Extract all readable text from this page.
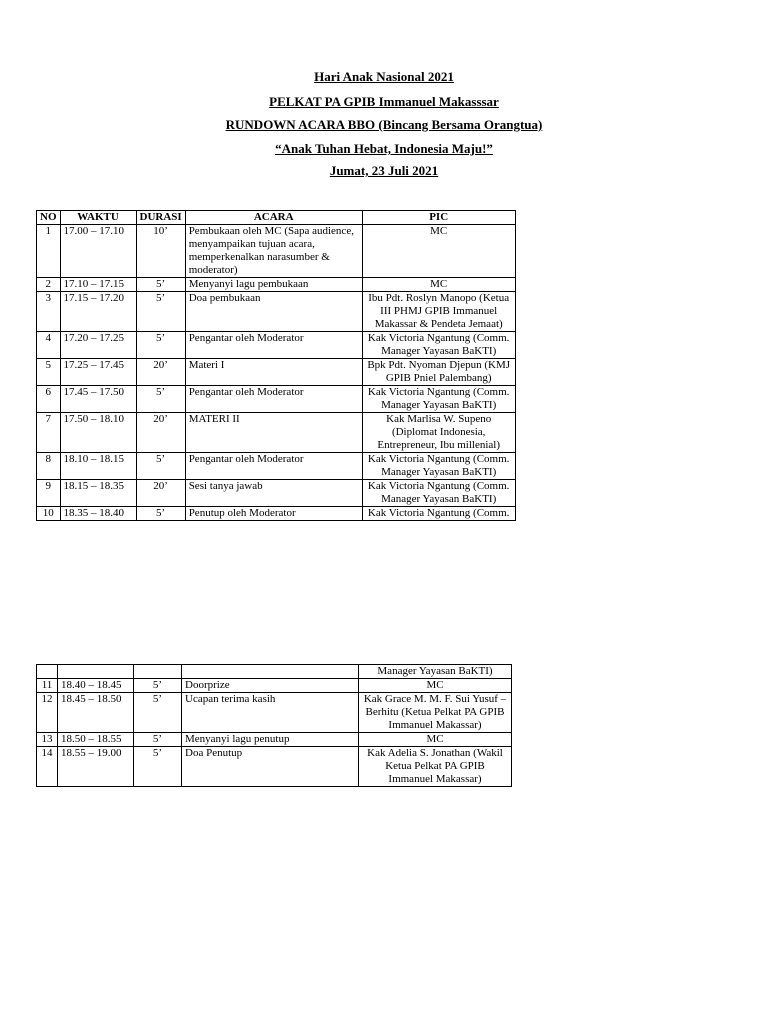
Hari Anak Nasional 2021

PELKAT PA GPIB Immanuel Makasssar

RUNDOWN ACARA BBO (Bincang Bersama Orangtua)

“Anak Tuhan Hebat, Indonesia Maju!”

Jumat, 23 Juli 2021

NO	WAKTU	DURASI	ACARA	PIC
1	17.00 – 17.10	10’	Pembukaan oleh MC (Sapa audience, menyampaikan tujuan acara, memperkenalkan narasumber & moderator)	MC
2	17.10 – 17.15	5’	Menyanyi lagu pembukaan	MC
3	17.15 – 17.20	5’	Doa pembukaan	Ibu Pdt. Roslyn Manopo (Ketua III PHMJ GPIB Immanuel Makassar & Pendeta Jemaat)
4	17.20 – 17.25	5’	Pengantar oleh Moderator	Kak Victoria Ngantung (Comm. Manager Yayasan BaKTI)
5	17.25 – 17.45	20’	Materi I	Bpk Pdt. Nyoman Djepun (KMJ GPIB Pniel Palembang)
6	17.45 – 17.50	5’	Pengantar oleh Moderator	Kak Victoria Ngantung (Comm. Manager Yayasan BaKTI)
7	17.50 – 18.10	20’	MATERI II	Kak Marlisa W. Supeno (Diplomat Indonesia, Entrepreneur, Ibu millenial)
8	18.10 – 18.15	5’	Pengantar oleh Moderator	Kak Victoria Ngantung (Comm. Manager Yayasan BaKTI)
9	18.15 – 18.35	20’	Sesi tanya jawab	Kak Victoria Ngantung (Comm. Manager Yayasan BaKTI)
10	18.35 – 18.40	5’	Penutup oleh Moderator	Kak Victoria Ngantung (Comm.
				Manager Yayasan BaKTI)
11	18.40 – 18.45	5’	Doorprize	MC
12	18.45 – 18.50	5’	Ucapan terima kasih	Kak Grace M. M. F. Sui Yusuf – Berhitu (Ketua Pelkat PA GPIB Immanuel Makassar)
13	18.50 – 18.55	5’	Menyanyi lagu penutup	MC
14	18.55 – 19.00	5’	Doa Penutup	Kak Adelia S. Jonathan (Wakil Ketua Pelkat PA GPIB Immanuel Makassar)
